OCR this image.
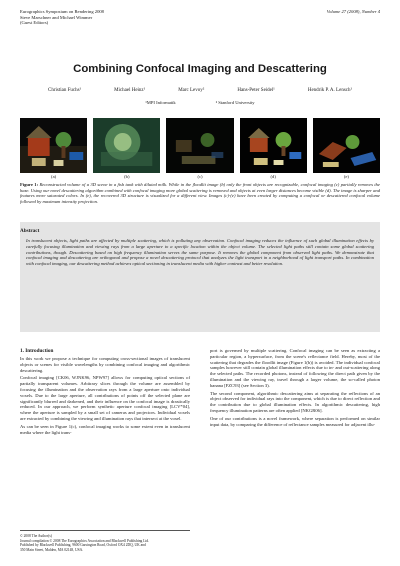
Eurographics Symposium on Rendering 2008
Steve Marschner and Michael Wimmer
(Guest Editors)
Volume 27 (2008), Number 4
Combining Confocal Imaging and Descattering
Christian Fuchs¹	Michael Heinz¹	Marc Levoy²	Hans-Peter Seidel¹	Hendrik P. A. Lensch¹
¹MPI Informatik	² Stanford University
(a)	(b)	(c)	(d)	(e)
Figure 1: Reconstructed volume of a 3D scene in a fish tank with diluted milk. While in the floodlit image (b) only the front objects are recognizable, confocal imaging (c) partially removes the haze. Using our novel descattering algorithm combined with confocal imaging more global scattering is removed and objects at even larger distances become visible (d). The image is sharper and features more saturated colors. In (e), the recovered 3D structure is visualized for a different view. Images (c)-(e) have been created by computing a confocal or descattered confocal volume followed by maximum intensity projection.
Abstract
In translucent objects, light paths are affected by multiple scattering, which is polluting any observation. Confocal imaging reduces the influence of such global illumination effects by carefully focusing illumination and viewing rays from a large aperture to a specific location within the object volume. The selected light paths still contain some global scattering contributions, though. Descattering based on high frequency illumination serves the same purpose. It removes the global component from observed light paths. We demonstrate that confocal imaging and descattering are orthogonal and propose a novel descattering protocol that analyzes the light transport in a neighborhood of light transport paths. In combination with confocal imaging, our descattering method achieves optical sectioning in translucent media with higher contrast and better resolution.
1. Introduction

In this work we propose a technique for computing cross-sectional images of translucent objects or scenes for visible wavelengths by combining confocal imaging and algorithmic descattering.

Confocal imaging [CK06, WJNK96, NPW97] allows for computing optical sections of partially transparent volumes. Arbitrary slices through the volume are assembled by focusing the illumination and the observation rays from a large aperture onto individual voxels. Due to the large aperture, all contributions of points off the selected plane are significantly blurred and darkened, and their influence on the confocal image is drastically reduced. In our approach, we perform synthetic aperture confocal imaging [LCV*04], where the aperture is sampled by a small set of cameras and projectors. Individual voxels are extracted by combining the viewing and illumination rays that intersect at the voxel.

As can be seen in Figure 1(c), confocal imaging works to some extent even in translucent media where the light trans-

port is governed by multiple scattering. Confocal imaging can be seen as extracting a particular region, a hypersurface, from the scene's reflectance field. Hereby, most of the scattering that degrades the floodlit image (Figure 1(b)) is avoided. The individual confocal samples however still contain global illumination effects due to in- and out-scattering along the selected paths. The recorded photons, instead of following the direct path given by the illumination and the viewing ray, travel through a larger volume, the so-called photon banana [FZC93] (see Section 3).

The second component, algorithmic descattering aims at separating the reflections of an object observed for individual rays into the component, which is due to direct reflection and the contribution due to global illumination effects. In algorithmic descattering, high frequency illumination patterns are often applied [NKGR06].

One of our contributions is a novel framework, where separation is performed on similar input data, by comparing the difference of reflectance samples measured for adjacent illu-

© 2008 The Author(s)
Journal compilation © 2008 The Eurographics Association and Blackwell Publishing Ltd.
Published by Blackwell Publishing, 9600 Garsington Road, Oxford OX4 2DQ, UK and
350 Main Street, Malden, MA 02148, USA.
